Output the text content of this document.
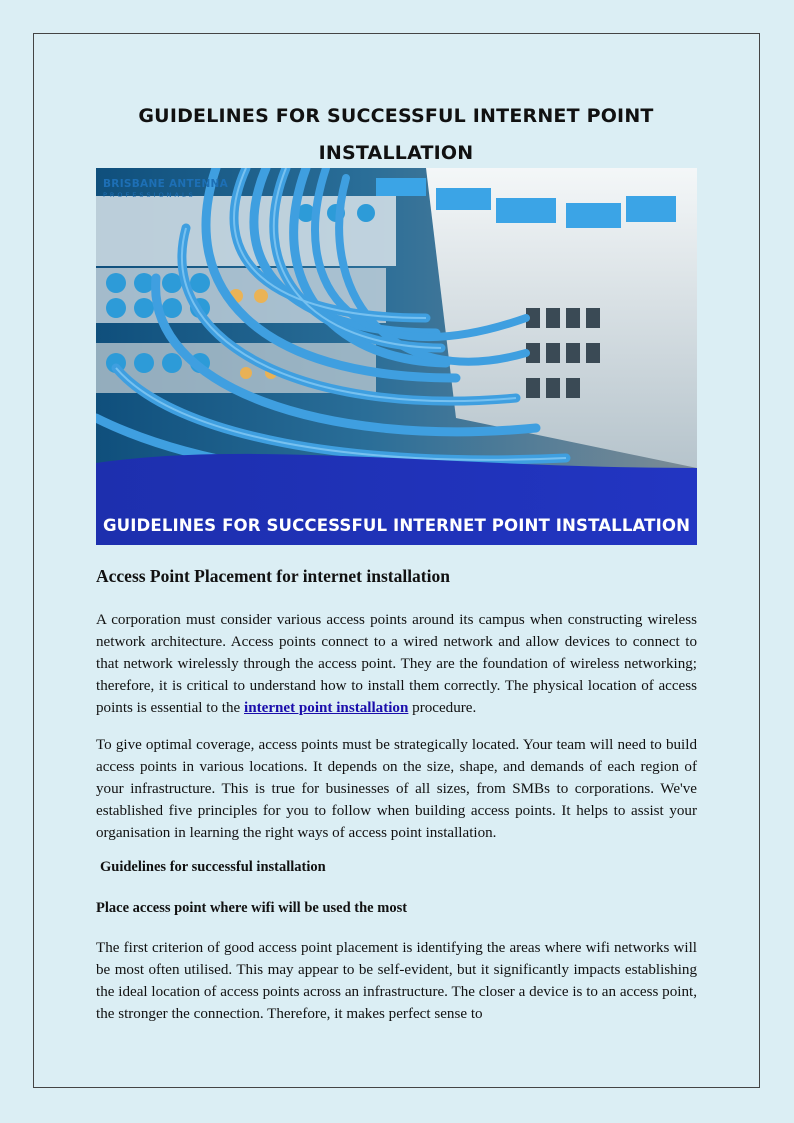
GUIDELINES FOR SUCCESSFUL INTERNET POINT
INSTALLATION
BRISBANE ANTENNA
PROFESSIONALS
GUIDELINES FOR SUCCESSFUL INTERNET POINT INSTALLATION
Access Point Placement for internet installation

A corporation must consider various access points around its campus when constructing wireless network architecture. Access points connect to a wired network and allow devices to connect to that network wirelessly through the access point. They are the foundation of wireless networking; therefore, it is critical to understand how to install them correctly. The physical location of access points is essential to the internet point installation procedure.

To give optimal coverage, access points must be strategically located. Your team will need to build access points in various locations. It depends on the size, shape, and demands of each region of your infrastructure. This is true for businesses of all sizes, from SMBs to corporations. We've established five principles for you to follow when building access points. It helps to assist your organisation in learning the right ways of access point installation.

Guidelines for successful installation

Place access point where wifi will be used the most

The first criterion of good access point placement is identifying the areas where wifi networks will be most often utilised. This may appear to be self-evident, but it significantly impacts establishing the ideal location of access points across an infrastructure. The closer a device is to an access point, the stronger the connection. Therefore, it makes perfect sense to
